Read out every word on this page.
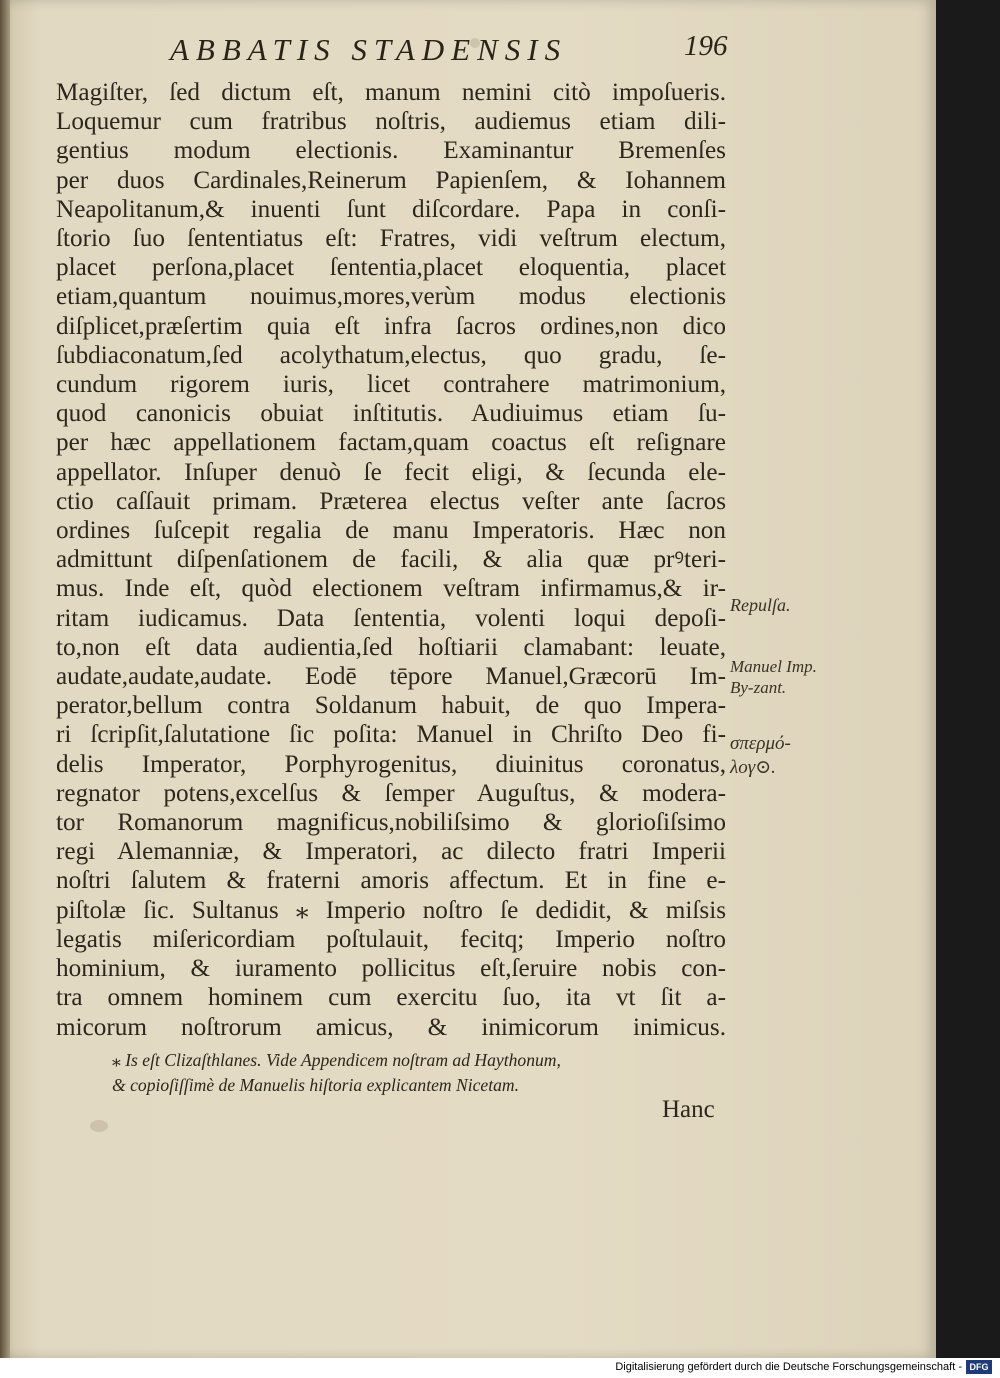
ABBATIS STADENSIS	196
Magiſter, ſed dictum eſt, manum nemini citò impoſueris.
Loquemur cum fratribus noſtris, audiemus etiam dili-
gentius modum electionis. Examinantur Bremenſes
per duos Cardinales,Reinerum Papienſem, & Iohannem
Neapolitanum,& inuenti ſunt diſcordare. Papa in conſi-
ſtorio ſuo ſententiatus eſt: Fratres, vidi veſtrum electum,
placet perſona,placet ſententia,placet eloquentia, placet
etiam,quantum nouimus,mores,verùm modus electionis
diſplicet,præſertim quia eſt infra ſacros ordines,non dico
ſubdiaconatum,ſed acolythatum,electus, quo gradu, ſe-
cundum rigorem iuris, licet contrahere matrimonium,
quod canonicis obuiat inſtitutis. Audiuimus etiam ſu-
per hæc appellationem factam,quam coactus eſt reſignare
appellator. Inſuper denuò ſe fecit eligi, & ſecunda ele-
ctio caſſauit primam. Præterea electus veſter ante ſacros
ordines ſuſcepit regalia de manu Imperatoris. Hæc non
admittunt diſpenſationem de facili, & alia quæ prꝰteri-
mus. Inde eſt, quòd electionem veſtram infirmamus,& ir-
ritam iudicamus. Data ſententia, volenti loqui depoſi-
to,non eſt data audientia,ſed hoſtiarii clamabant: leuate,
audate,audate,audate. Eodē tēpore Manuel,Græcorū Im-
perator,bellum contra Soldanum habuit, de quo Impera-
ri ſcripſit,ſalutatione ſic poſita: Manuel in Chriſto Deo fi-
delis Imperator, Porphyrogenitus, diuinitus coronatus,
regnator potens,excelſus & ſemper Auguſtus, & modera-
tor Romanorum magnificus,nobiliſsimo & glorioſiſsimo
regi Alemanniæ, & Imperatori, ac dilecto fratri Imperii
noſtri ſalutem & fraterni amoris affectum. Et in fine e-
piſtolæ ſic. Sultanus ⁎ Imperio noſtro ſe dedidit, & miſsis
legatis miſericordiam poſtulauit, fecitq; Imperio noſtro
hominium, & iuramento pollicitus eſt,ſeruire nobis con-
tra omnem hominem cum exercitu ſuo, ita vt ſit a-
micorum noſtrorum amicus, & inimicorum inimicus.
Repulſa.
Manuel Imp. By-zant.
σπερμό-λογ⊙.
⁎ Is eſt Clizaſthlanes. Vide Appendicem noſtram ad Haythonum,
& copioſiſſimè de Manuelis hiſtoria explicantem Nicetam.
Hanc
Digitalisierung gefördert durch die Deutsche Forschungsgemeinschaft - DFG
